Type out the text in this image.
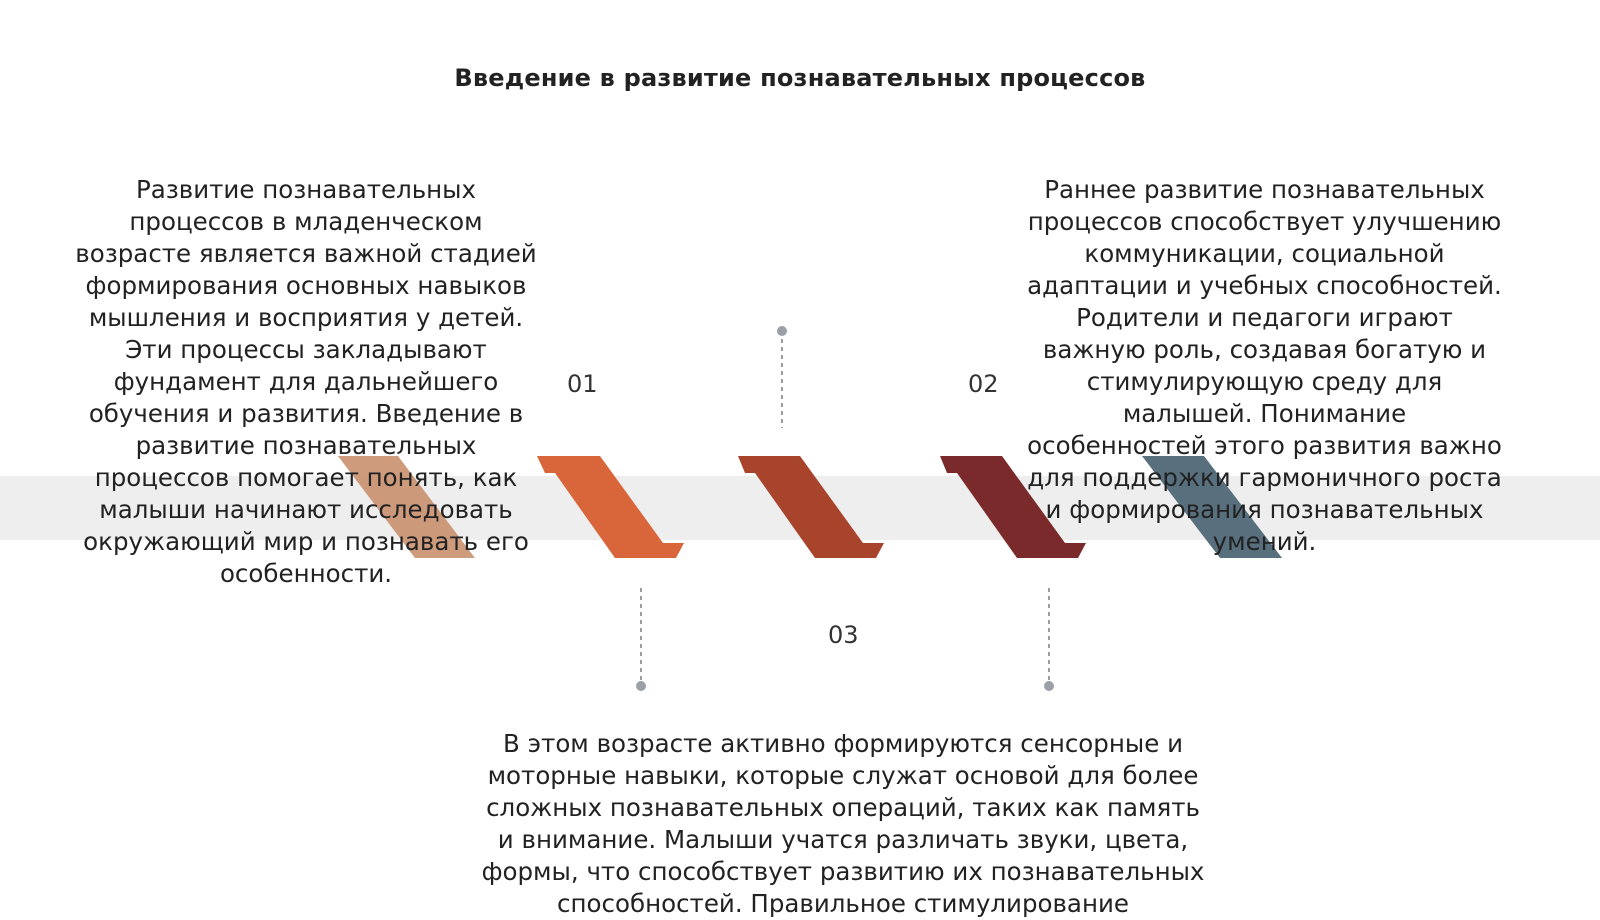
Введение в развитие познавательных процессов
01	02
03
Развитие познавательных
процессов в младенческом
возрасте является важной стадией
формирования основных навыков
мышления и восприятия у детей.
Эти процессы закладывают
фундамент для дальнейшего
обучения и развития. Введение в
развитие познавательных
процессов помогает понять, как
малыши начинают исследовать
окружающий мир и познавать его
особенности.
Раннее развитие познавательных
процессов способствует улучшению
коммуникации, социальной
адаптации и учебных способностей.
Родители и педагоги играют
важную роль, создавая богатую и
стимулирующую среду для
малышей. Понимание
особенностей этого развития важно
для поддержки гармоничного роста
и формирования познавательных
умений.
В этом возрасте активно формируются сенсорные и
моторные навыки, которые служат основой для более
сложных познавательных операций, таких как память
и внимание. Малыши учатся различать звуки, цвета,
формы, что способствует развитию их познавательных
способностей. Правильное стимулирование
